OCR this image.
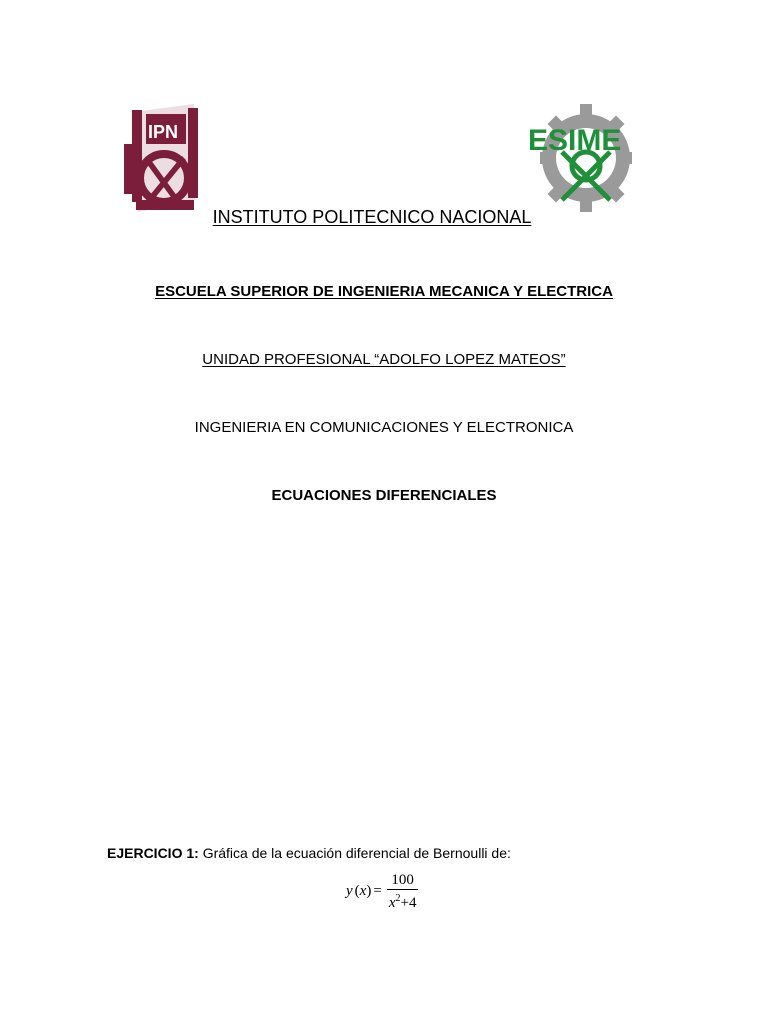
IPN	ESIME
INSTITUTO POLITECNICO NACIONAL
ESCUELA SUPERIOR DE INGENIERIA MECANICA Y ELECTRICA
UNIDAD PROFESIONAL “ADOLFO LOPEZ MATEOS”
INGENIERIA EN COMUNICACIONES Y ELECTRONICA
ECUACIONES DIFERENCIALES
EJERCICIO 1: Gráfica de la ecuación diferencial de Bernoulli de:
y ( x ) = $\frac{100}{x^2+4}$
